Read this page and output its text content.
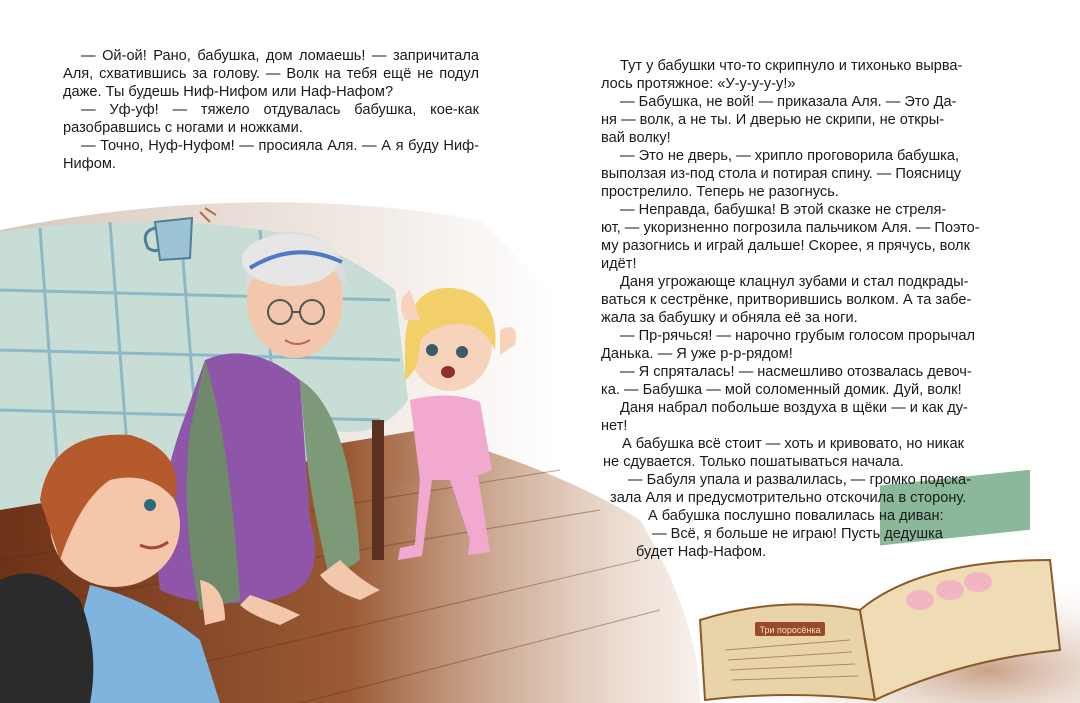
Три поросёнка

— Ой-ой! Рано, бабушка, дом ломаешь! — запричитала Аля, схватившись за голову. — Волк на тебя ещё не подул даже. Ты будешь Ниф-Нифом или Наф-Нафом?

— Уф-уф! — тяжело отдувалась бабушка, кое-как разобравшись с ногами и ножками.

— Точно, Нуф-Нуфом! — просияла Аля. — А я буду Ниф-Нифом.

Тут у бабушки что-то скрипнуло и тихонько вырва-
лось протяжное: «У-у-у-у-у!»
— Бабушка, не вой! — приказала Аля. — Это Да-
ня — волк, а не ты. И дверью не скрипи, не откры-
вай волку!
— Это не дверь, — хрипло проговорила бабушка,
выползая из-под стола и потирая спину. — Поясницу
прострелило. Теперь не разогнусь.
— Неправда, бабушка! В этой сказке не стреля-
ют, — укоризненно погрозила пальчиком Аля. — Поэто-
му разогнись и играй дальше! Скорее, я прячусь, волк
идёт!
Даня угрожающе клацнул зубами и стал подкрады-
ваться к сестрёнке, притворившись волком. А та забе-
жала за бабушку и обняла её за ноги.
— Пр-рячься! — нарочно грубым голосом прорычал
Данька. — Я уже р-р-рядом!
— Я спряталась! — насмешливо отозвалась девоч-
ка. — Бабушка — мой соломенный домик. Дуй, волк!
Даня набрал побольше воздуха в щёки — и как ду-
нет!
А бабушка всё стоит — хоть и кривовато, но никак
не сдувается. Только пошатываться начала.
— Бабуля упала и развалилась, — громко подска-
зала Аля и предусмотрительно отскочила в сторону.
А бабушка послушно повалилась на диван:
— Всё, я больше не играю! Пусть дедушка
будет Наф-Нафом.
